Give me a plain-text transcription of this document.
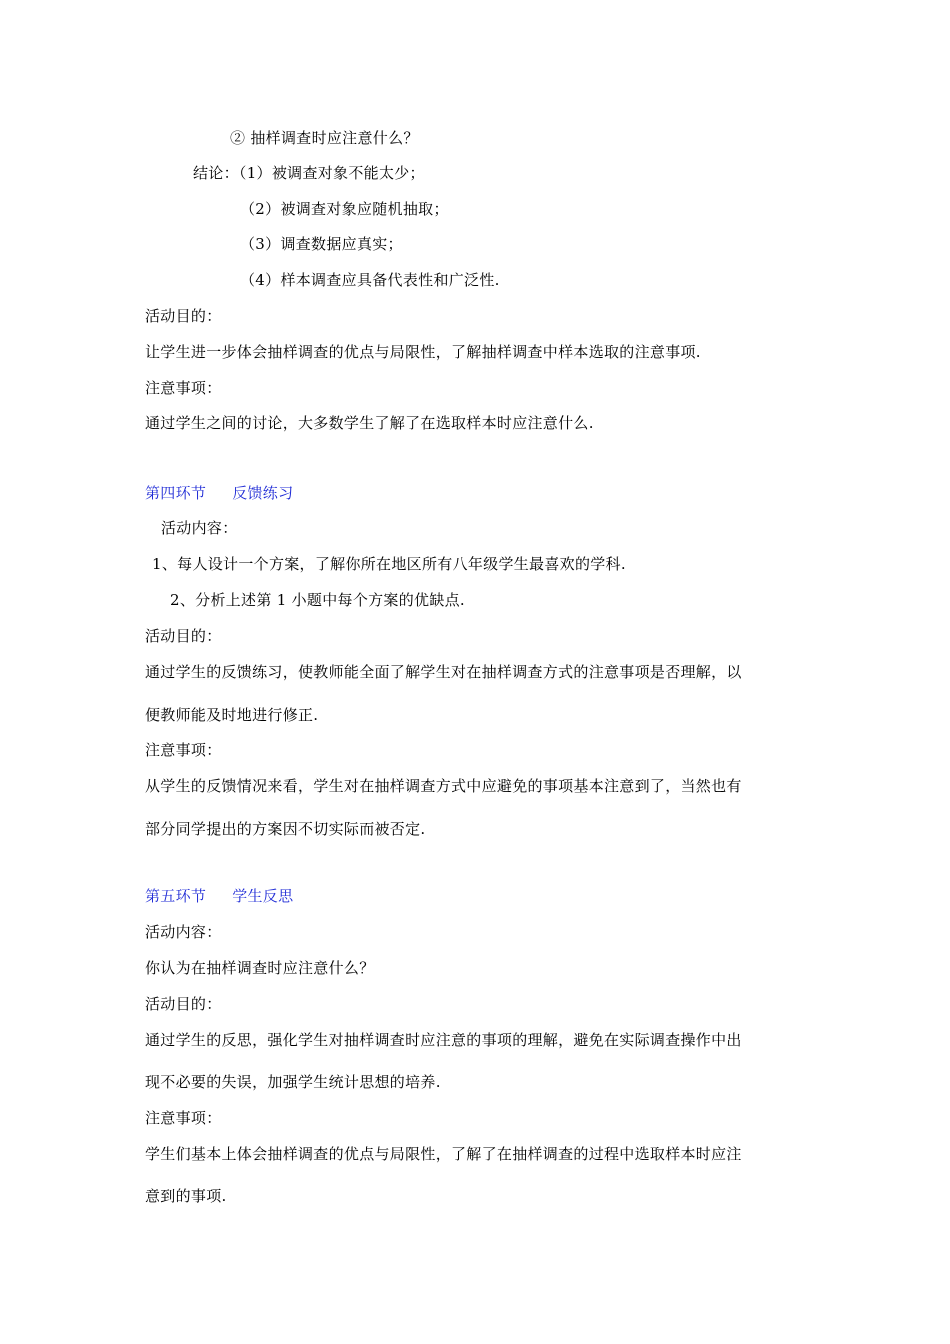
② 抽样调查时应注意什么？
结论：（1）被调查对象不能太少；
（2）被调查对象应随机抽取；
（3）调查数据应真实；
（4）样本调查应具备代表性和广泛性.
活动目的：
让学生进一步体会抽样调查的优点与局限性，了解抽样调查中样本选取的注意事项.
注意事项：
通过学生之间的讨论，大多数学生了解了在选取样本时应注意什么.
第四环节 反馈练习
活动内容：
1、每人设计一个方案，了解你所在地区所有八年级学生最喜欢的学科.
2、分析上述第 1 小题中每个方案的优缺点.
活动目的：
通过学生的反馈练习，使教师能全面了解学生对在抽样调查方式的注意事项是否理解，以
便教师能及时地进行修正.
注意事项：
从学生的反馈情况来看，学生对在抽样调查方式中应避免的事项基本注意到了，当然也有
部分同学提出的方案因不切实际而被否定.
第五环节 学生反思
活动内容：
你认为在抽样调查时应注意什么？
活动目的：
通过学生的反思，强化学生对抽样调查时应注意的事项的理解，避免在实际调查操作中出
现不必要的失误，加强学生统计思想的培养.
注意事项：
学生们基本上体会抽样调查的优点与局限性，了解了在抽样调查的过程中选取样本时应注
意到的事项.
